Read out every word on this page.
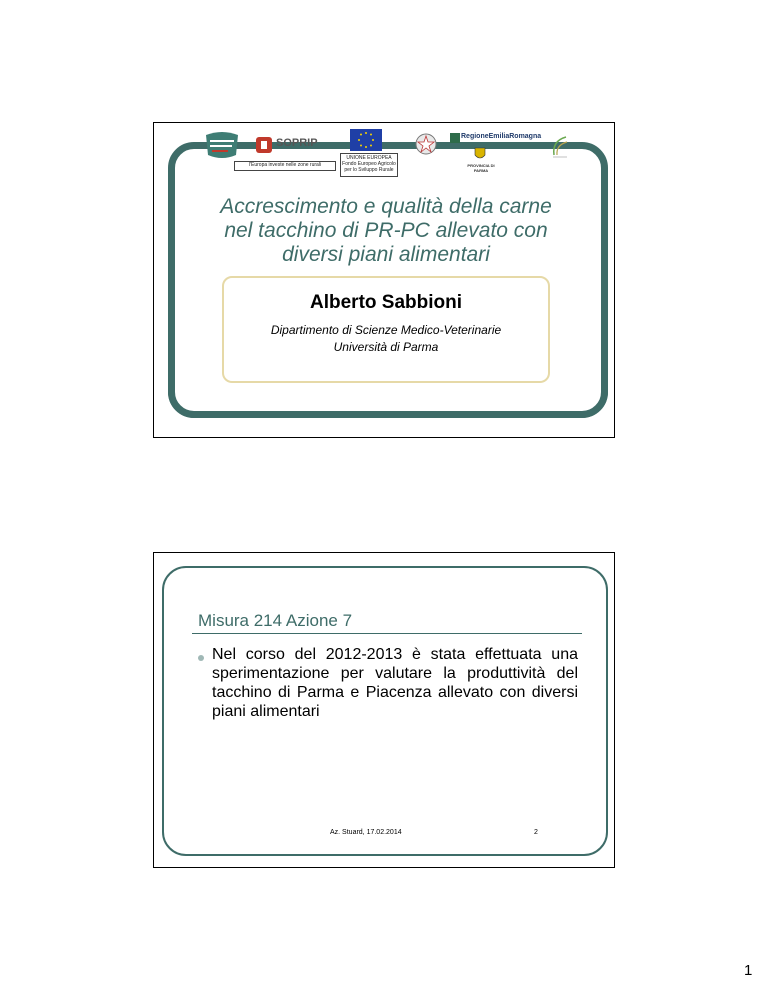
l'Europa investe nelle zone rurali
SOPRIP
UNIONE EUROPEA Fondo Europeo Agricolo per lo Sviluppo Rurale
RegioneEmiliaRomagna
PROVINCIA DI PARMA
Accrescimento e qualità della carne
nel tacchino di PR-PC allevato con
diversi piani alimentari
Alberto Sabbioni
Dipartimento di Scienze Medico-Veterinarie
Università di Parma
Misura 214 Azione 7
Nel corso del 2012-2013 è stata effettuata una sperimentazione per valutare la produttività del tacchino di Parma e Piacenza allevato con diversi piani alimentari
Az. Stuard, 17.02.2014	2
1
